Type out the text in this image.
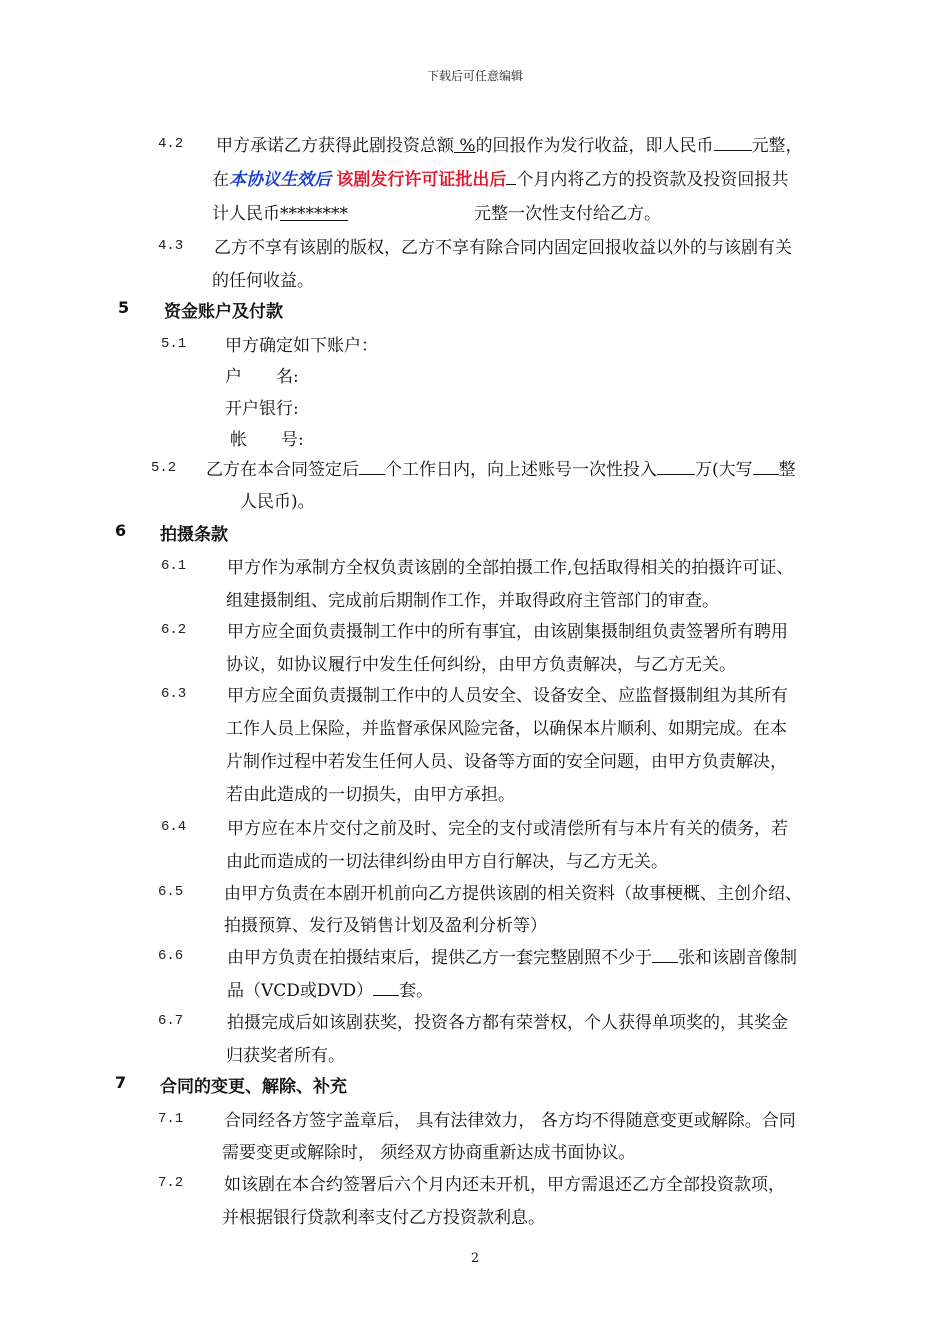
下载后可任意编辑
4.2 甲方承诺乙方获得此剧投资总额 %的回报作为发行收益，即人民币 元整，
在本协议生效后 该剧发行许可证批出后 个月内将乙方的投资款及投资回报共
计人民币********	元整一次性支付给乙方。
4.3 乙方不享有该剧的版权，乙方不享有除合同内固定回报收益以外的与该剧有关
的任何收益。
5 资金账户及付款
5.1 甲方确定如下账户：
户　　名:
开户银行:
帐　　号:
5.2 乙方在本合同签定后 个工作日内，向上述账号一次性投入 万(大写 整
人民币)。
6 拍摄条款
6.1 甲方作为承制方全权负责该剧的全部拍摄工作,包括取得相关的拍摄许可证、
组建摄制组、完成前后期制作工作，并取得政府主管部门的审查。
6.2 甲方应全面负责摄制工作中的所有事宜，由该剧集摄制组负责签署所有聘用
协议，如协议履行中发生任何纠纷，由甲方负责解决，与乙方无关。
6.3 甲方应全面负责摄制工作中的人员安全、设备安全、应监督摄制组为其所有
工作人员上保险，并监督承保风险完备，以确保本片顺利、如期完成。在本
片制作过程中若发生任何人员、设备等方面的安全问题，由甲方负责解决，
若由此造成的一切损失，由甲方承担。
6.4 甲方应在本片交付之前及时、完全的支付或清偿所有与本片有关的债务，若
由此而造成的一切法律纠纷由甲方自行解决，与乙方无关。
6.5 由甲方负责在本剧开机前向乙方提供该剧的相关资料（故事梗概、主创介绍、
拍摄预算、发行及销售计划及盈利分析等）
6.6	由甲方负责在拍摄结束后，提供乙方一套完整剧照不少于 张和该剧音像制
品（VCD或DVD） 套。
6.7	拍摄完成后如该剧获奖，投资各方都有荣誉权，个人获得单项奖的，其奖金
归获奖者所有。
7 合同的变更、解除、补充
7.1 合同经各方签字盖章后， 具有法律效力， 各方均不得随意变更或解除。合同
需要变更或解除时， 须经双方协商重新达成书面协议。
7.2 如该剧在本合约签署后六个月内还未开机，甲方需退还乙方全部投资款项，
并根据银行贷款利率支付乙方投资款利息。
2
